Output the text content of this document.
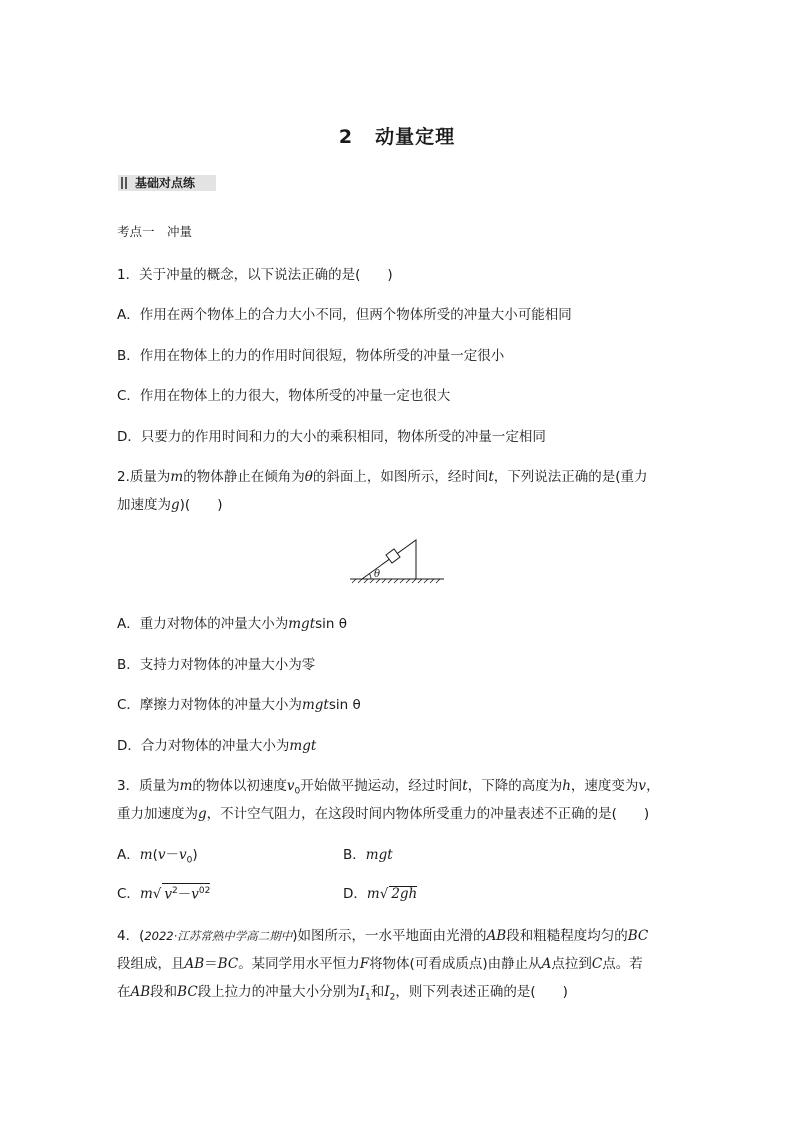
2 动量定理
基础对点练
考点一　冲量
1．关于冲量的概念，以下说法正确的是(　　)
A．作用在两个物体上的合力大小不同，但两个物体所受的冲量大小可能相同
B．作用在物体上的力的作用时间很短，物体所受的冲量一定很小
C．作用在物体上的力很大，物体所受的冲量一定也很大
D．只要力的作用时间和力的大小的乘积相同，物体所受的冲量一定相同
2.质量为m的物体静止在倾角为θ的斜面上，如图所示，经时间t，下列说法正确的是(重力
加速度为g)(　　)
θ
A．重力对物体的冲量大小为mgtsin θ
B．支持力对物体的冲量大小为零
C．摩擦力对物体的冲量大小为mgtsin θ
D．合力对物体的冲量大小为mgt
3．质量为m的物体以初速度$v_0$开始做平抛运动，经过时间t，下降的高度为h，速度变为v，
重力加速度为g，不计空气阻力，在这段时间内物体所受重力的冲量表述不正确的是(　　)
A．$m(v-v_0)$	B．mgt
C．m√ $v^2-v^{02}$	D．m√ 2gh
4．(2022·江苏常熟中学高二期中)如图所示，一水平地面由光滑的AB段和粗糙程度均匀的BC
段组成，且AB＝BC。某同学用水平恒力F将物体(可看成质点)由静止从A点拉到C点。若
在AB段和BC段上拉力的冲量大小分别为$I_1$和$I_2$，则下列表述正确的是(　　)
